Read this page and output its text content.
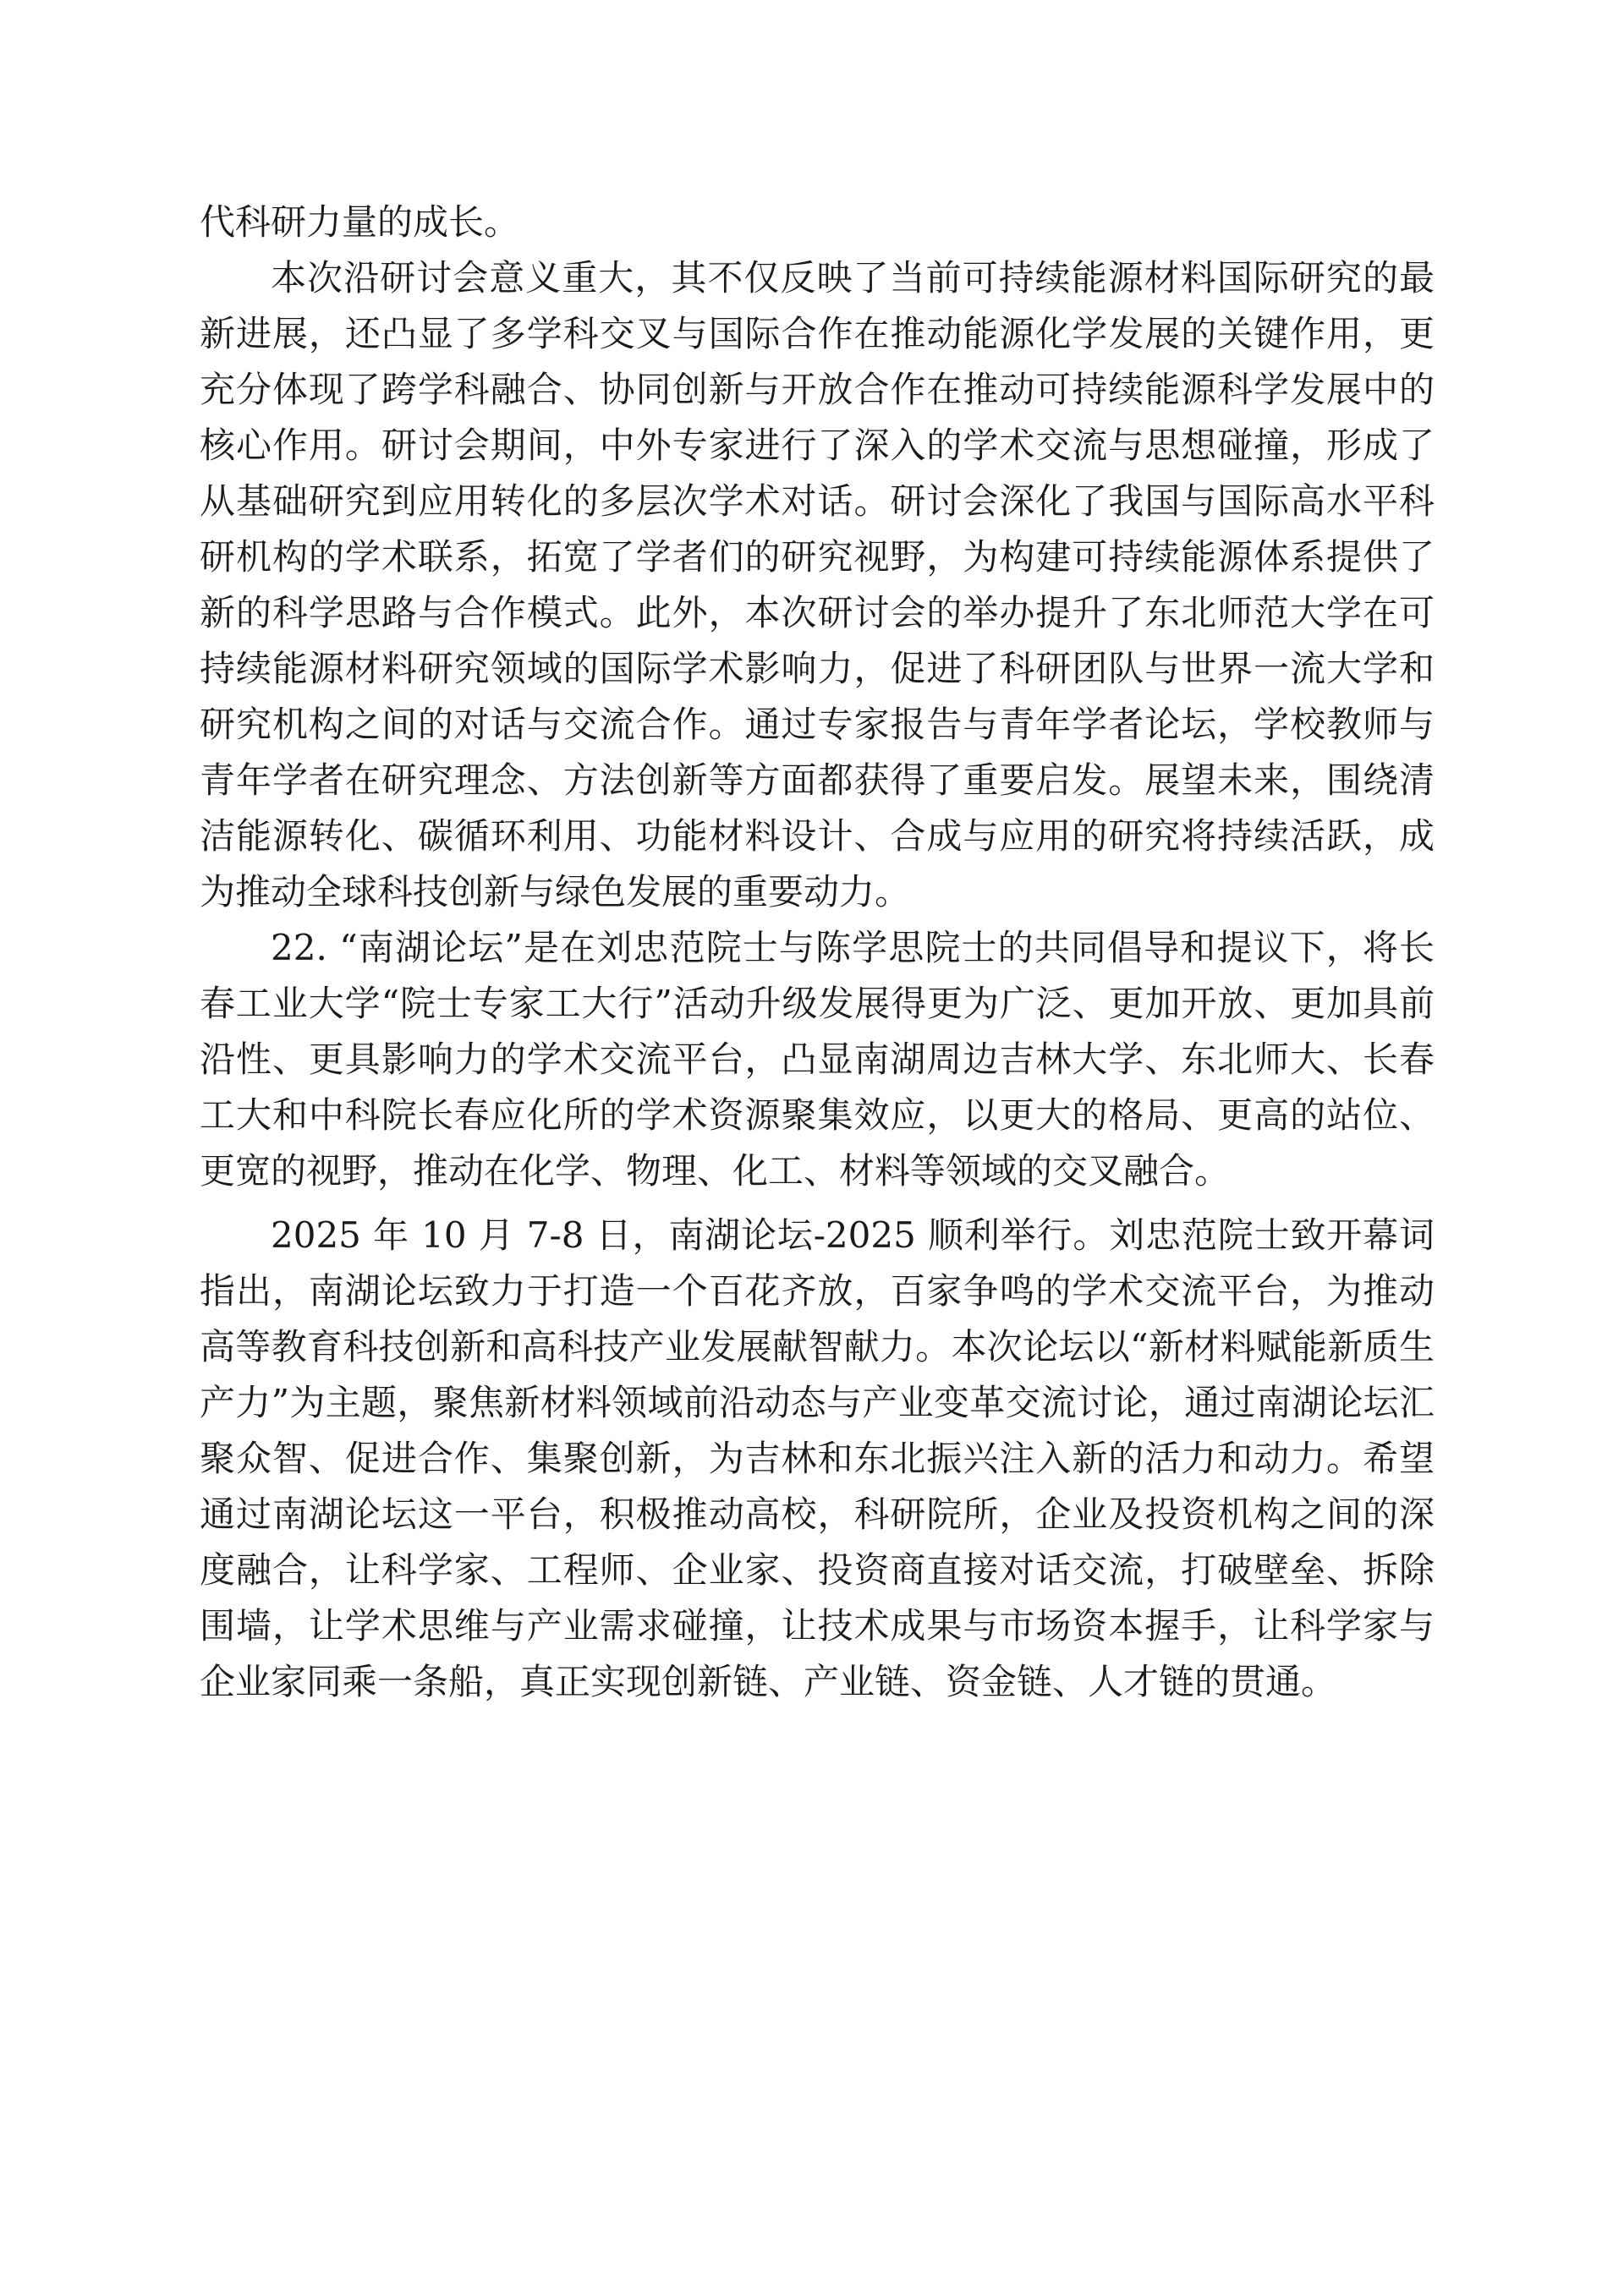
代科研力量的成长。

本次沿研讨会意义重大，其不仅反映了当前可持续能源材料国际研究的最新进展，还凸显了多学科交叉与国际合作在推动能源化学发展的关键作用，更充分体现了跨学科融合、协同创新与开放合作在推动可持续能源科学发展中的核心作用。研讨会期间，中外专家进行了深入的学术交流与思想碰撞，形成了从基础研究到应用转化的多层次学术对话。研讨会深化了我国与国际高水平科研机构的学术联系，拓宽了学者们的研究视野，为构建可持续能源体系提供了新的科学思路与合作模式。此外，本次研讨会的举办提升了东北师范大学在可持续能源材料研究领域的国际学术影响力，促进了科研团队与世界一流大学和研究机构之间的对话与交流合作。通过专家报告与青年学者论坛，学校教师与青年学者在研究理念、方法创新等方面都获得了重要启发。展望未来，围绕清洁能源转化、碳循环利用、功能材料设计、合成与应用的研究将持续活跃，成为推动全球科技创新与绿色发展的重要动力。

22. “南湖论坛”是在刘忠范院士与陈学思院士的共同倡导和提议下，将长春工业大学“院士专家工大行”活动升级发展得更为广泛、更加开放、更加具前沿性、更具影响力的学术交流平台，凸显南湖周边吉林大学、东北师大、长春工大和中科院长春应化所的学术资源聚集效应，以更大的格局、更高的站位、更宽的视野，推动在化学、物理、化工、材料等领域的交叉融合。

2025 年 10 月 7-8 日，南湖论坛-2025 顺利举行。刘忠范院士致开幕词指出，南湖论坛致力于打造一个百花齐放，百家争鸣的学术交流平台，为推动高等教育科技创新和高科技产业发展献智献力。本次论坛以“新材料赋能新质生产力”为主题，聚焦新材料领域前沿动态与产业变革交流讨论，通过南湖论坛汇聚众智、促进合作、集聚创新，为吉林和东北振兴注入新的活力和动力。希望通过南湖论坛这一平台，积极推动高校，科研院所，企业及投资机构之间的深度融合，让科学家、工程师、企业家、投资商直接对话交流，打破壁垒、拆除围墙，让学术思维与产业需求碰撞，让技术成果与市场资本握手，让科学家与企业家同乘一条船，真正实现创新链、产业链、资金链、人才链的贯通。
